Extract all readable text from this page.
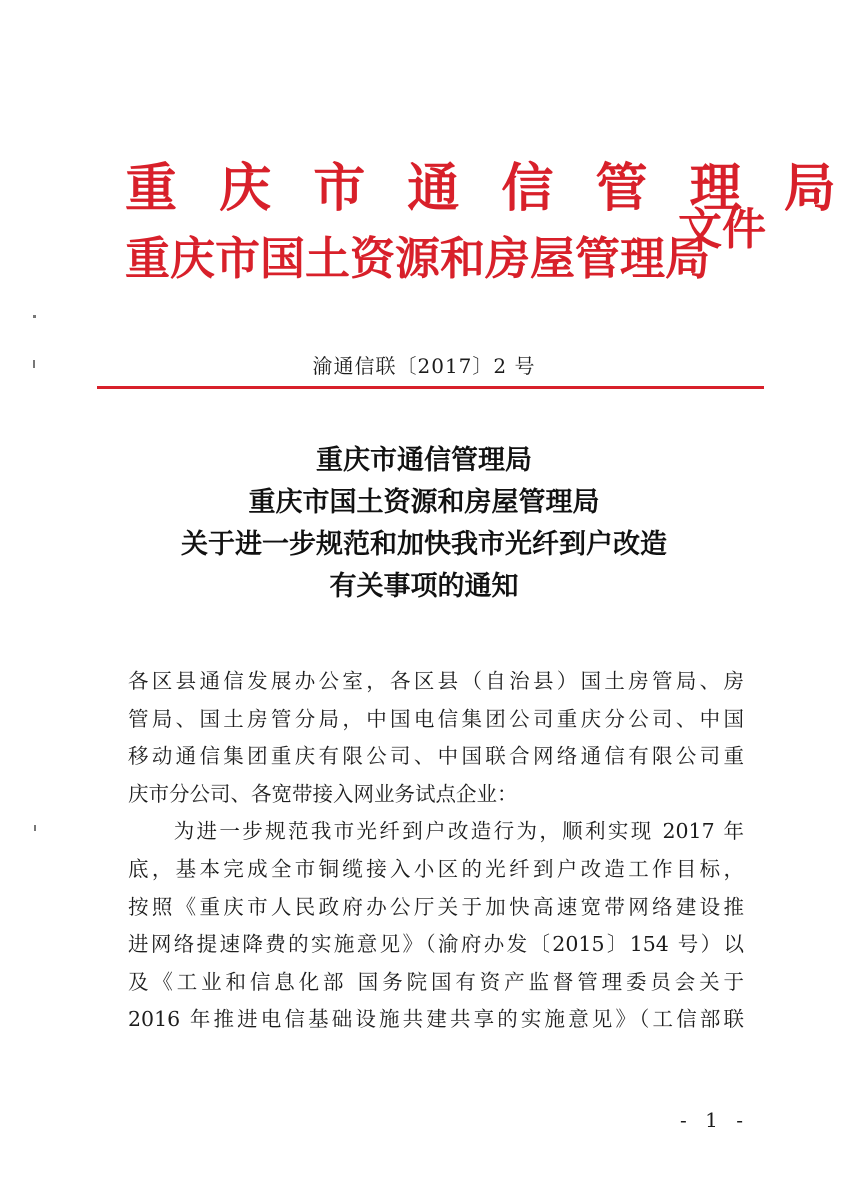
重 庆 市 通 信 管 理 局
重庆市国土资源和房屋管理局
文件
渝通信联〔2017〕2 号
重庆市通信管理局
重庆市国土资源和房屋管理局
关于进一步规范和加快我市光纤到户改造
有关事项的通知
各区县通信发展办公室，各区县（自治县）国土房管局、房
管局、国土房管分局，中国电信集团公司重庆分公司、中国
移动通信集团重庆有限公司、中国联合网络通信有限公司重
庆市分公司、各宽带接入网业务试点企业：
　　为进一步规范我市光纤到户改造行为，顺利实现 2017 年
底，基本完成全市铜缆接入小区的光纤到户改造工作目标，
按照《重庆市人民政府办公厅关于加快高速宽带网络建设推
进网络提速降费的实施意见》（渝府办发〔2015〕154 号）以
及《工业和信息化部 国务院国有资产监督管理委员会关于
2016 年推进电信基础设施共建共享的实施意见》（工信部联
- 1 -
